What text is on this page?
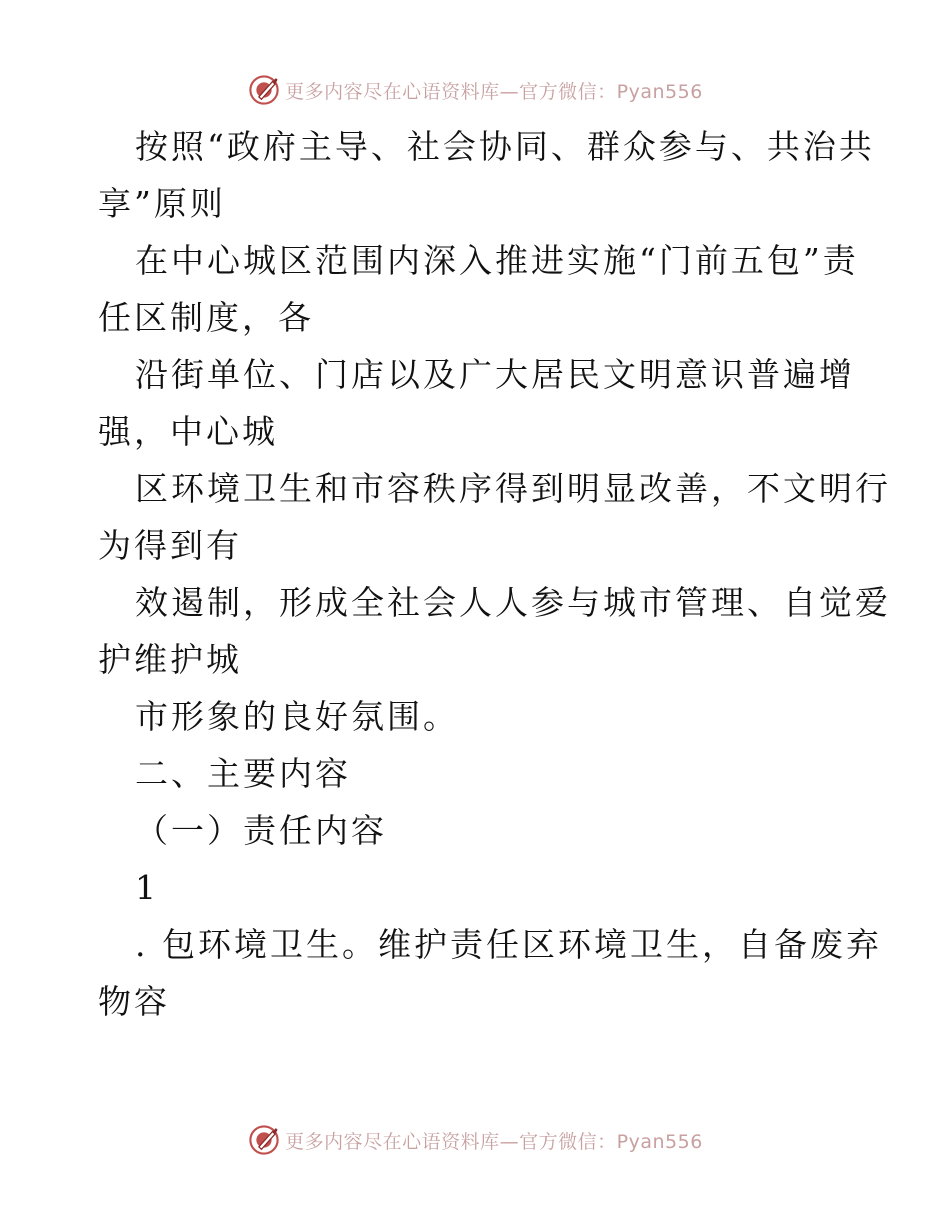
更多内容尽在心语资料库—官方微信：Pyan556
按照“政府主导、社会协同、群众参与、共治共
享”原则
在中心城区范围内深入推进实施“门前五包”责
任区制度，各
沿街单位、门店以及广大居民文明意识普遍增
强，中心城
区环境卫生和市容秩序得到明显改善，不文明行
为得到有
效遏制，形成全社会人人参与城市管理、自觉爱
护维护城
市形象的良好氛围。
二、主要内容
（一）责任内容
1
. 包环境卫生。维护责任区环境卫生，自备废弃
物容
更多内容尽在心语资料库—官方微信：Pyan556
